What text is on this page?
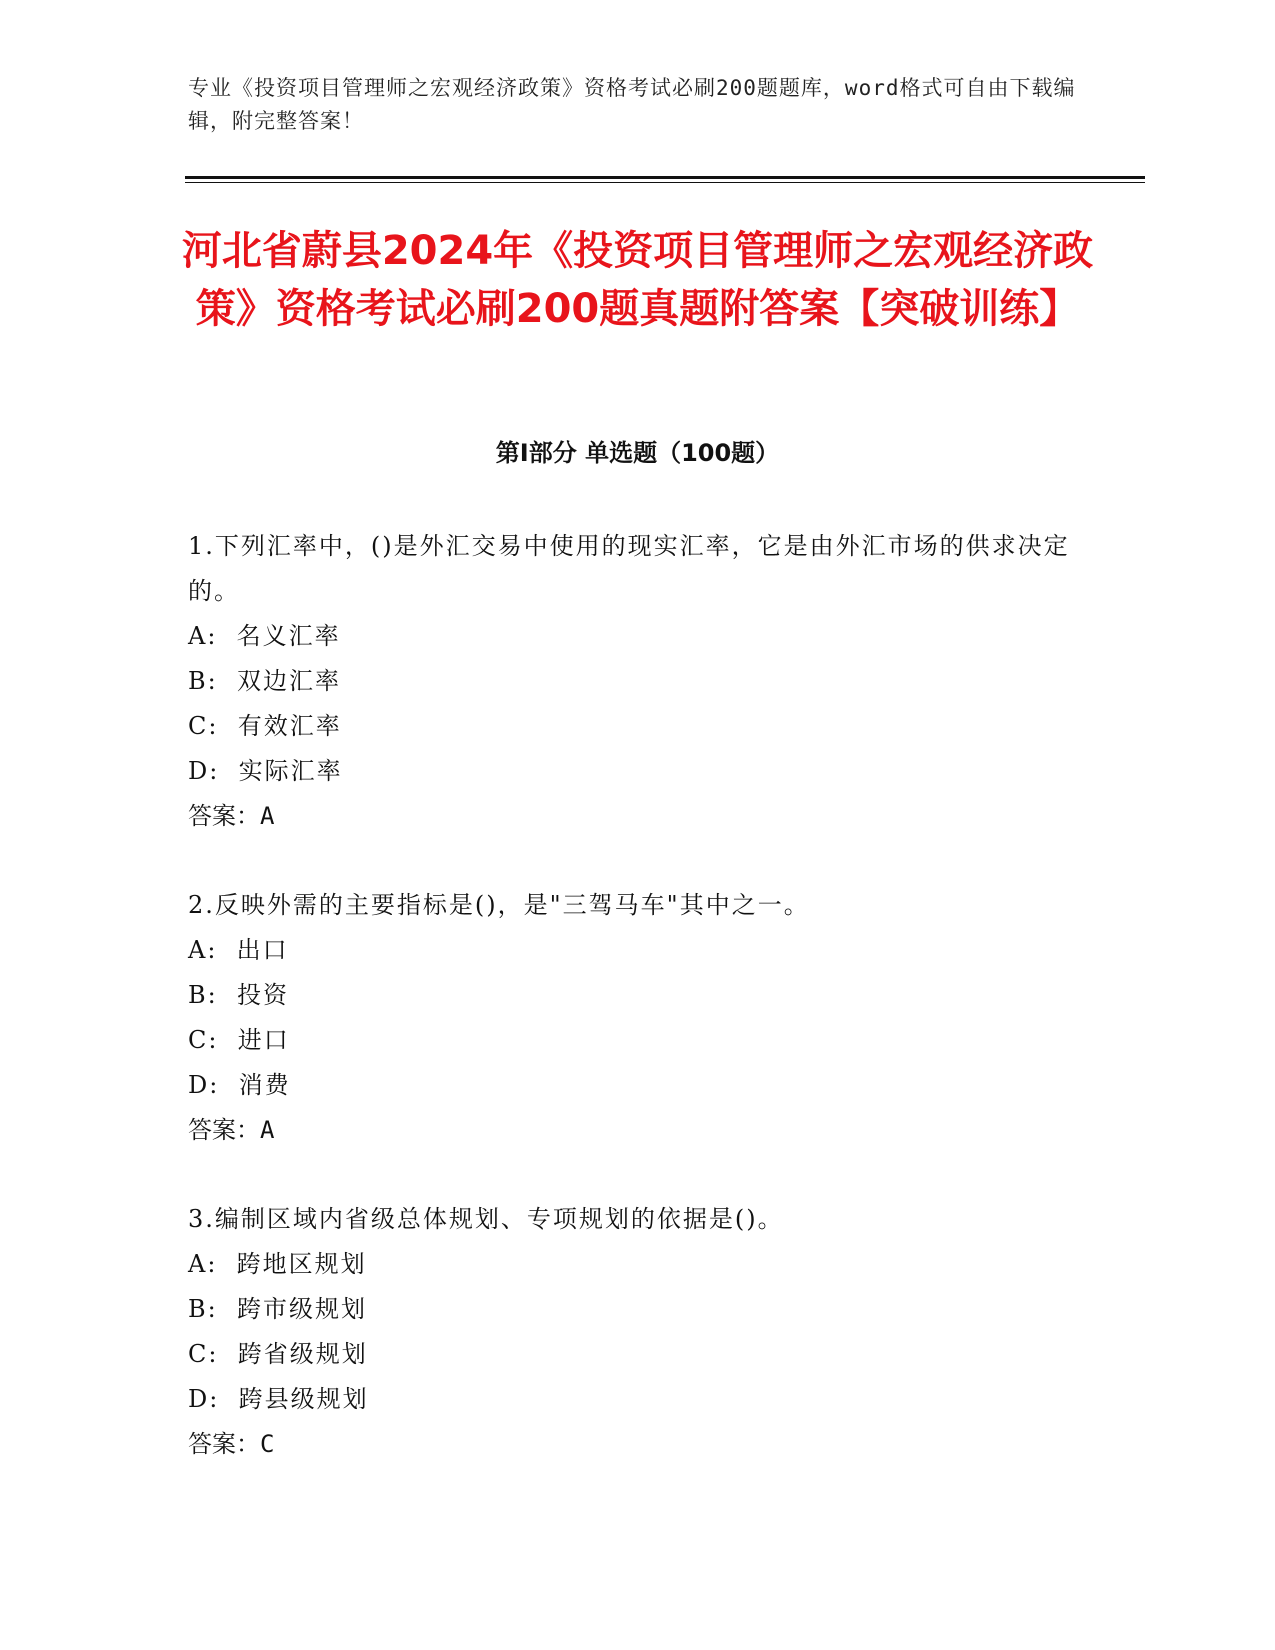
专业《投资项目管理师之宏观经济政策》资格考试必刷200题题库，word格式可自由下载编辑，附完整答案！
河北省蔚县2024年《投资项目管理师之宏观经济政策》资格考试必刷200题真题附答案【突破训练】
第Ⅰ部分 单选题（100题）

1.下列汇率中，()是外汇交易中使用的现实汇率，它是由外汇市场的供求决定的。

A:  名义汇率

B:  双边汇率

C:  有效汇率

D:  实际汇率

答案：A

2.反映外需的主要指标是()，是"三驾马车"其中之一。

A:  出口

B:  投资

C:  进口

D:  消费

答案：A

3.编制区域内省级总体规划、专项规划的依据是()。

A:  跨地区规划

B:  跨市级规划

C:  跨省级规划

D:  跨县级规划

答案：C
